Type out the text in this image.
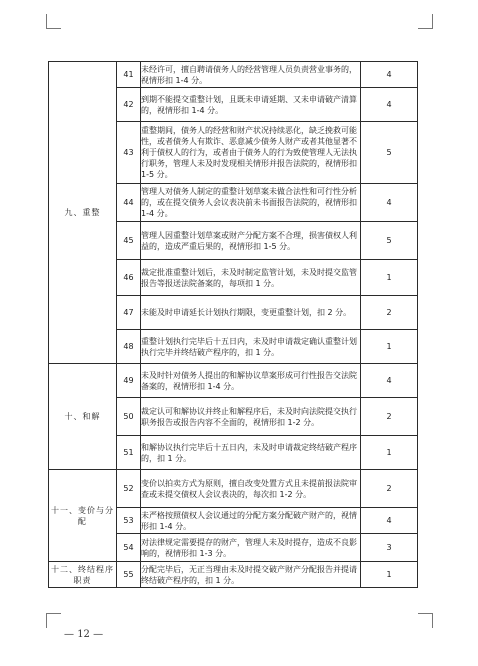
九、重整	41	未经许可，擅自聘请债务人的经营管理人员负责营业事务的，视情形扣 1-4 分。	4
	42	到期不能提交重整计划，且既未申请延期、又未申请破产清算的，视情形扣 1-4 分。	4
	43	重整期间，债务人的经营和财产状况持续恶化，缺乏挽救可能性，或者债务人有欺诈、恶意减少债务人财产或者其他显著不利于债权人的行为，或者由于债务人的行为致使管理人无法执行职务，管理人未及时发现相关情形并报告法院的，视情形扣 1-5 分。	5
	44	管理人对债务人制定的重整计划草案未做合法性和可行性分析的，或在提交债务人会议表决前未书面报告法院的，视情形扣 1-4 分。	4
	45	管理人因重整计划草案或财产分配方案不合理，损害债权人利益的，造成严重后果的，视情形扣 1-5 分。	5
	46	裁定批准重整计划后，未及时制定监管计划，未及时提交监管报告等报送法院备案的，每项扣 1 分。	1
	47	未能及时申请延长计划执行期限，变更重整计划，扣 2 分。	2
	48	重整计划执行完毕后十五日内，未及时申请裁定确认重整计划执行完毕并终结破产程序的，扣 1 分。	1
十、和解	49	未及时针对债务人提出的和解协议草案形成可行性报告交法院备案的，视情形扣 1-4 分。	4
	50	裁定认可和解协议并终止和解程序后，未及时向法院提交执行职务报告或报告内容不全面的，视情形扣 1-2 分。	2
	51	和解协议执行完毕后十五日内，未及时申请裁定终结破产程序的，扣 1 分。	1
十一、变价与分配	52	变价以拍卖方式为原则，擅自改变处置方式且未提前报法院审查或未提交债权人会议表决的，每次扣 1-2 分。	2
	53	未严格按照债权人会议通过的分配方案分配破产财产的，视情形扣 1-4 分。	4
	54	对法律规定需要提存的财产，管理人未及时提存，造成不良影响的，视情形扣 1-3 分。	3
十二、终结程序职责	55	分配完毕后，无正当理由未及时提交破产财产分配报告并提请终结破产程序的，扣 1 分。	1
— 12 —
